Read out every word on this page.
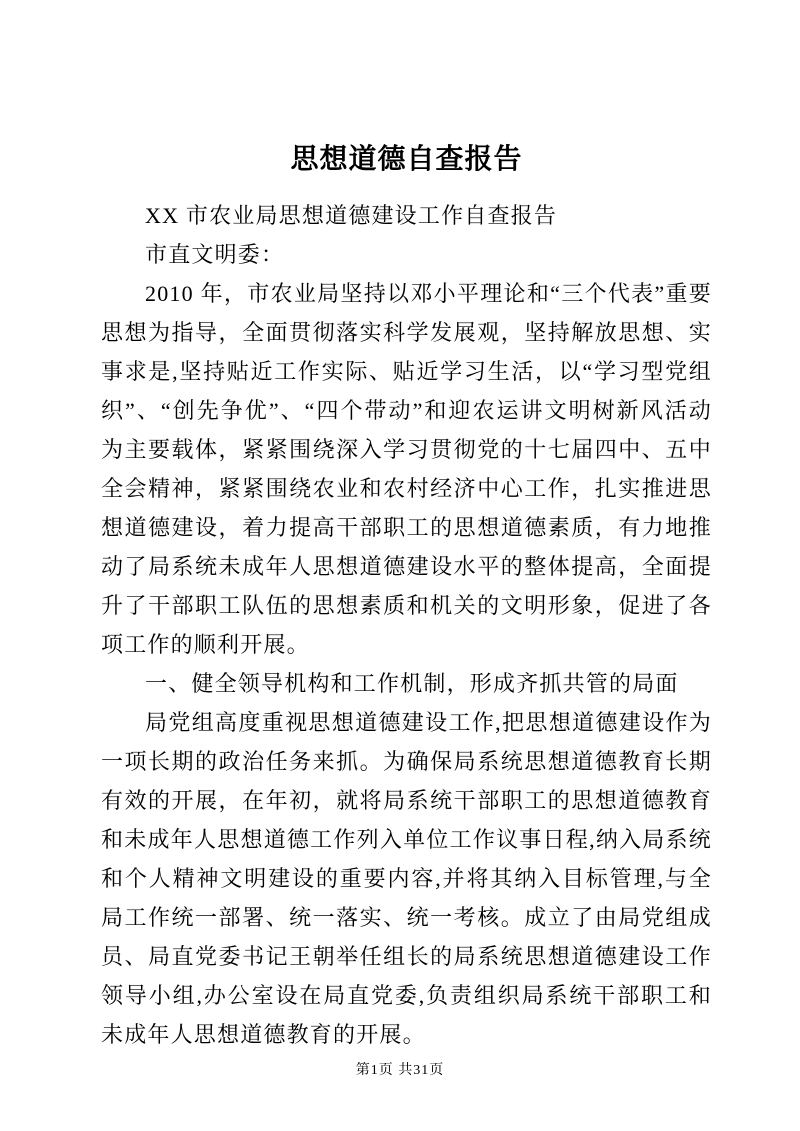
思想道德自查报告

XX 市农业局思想道德建设工作自查报告

市直文明委：

2010 年，市农业局坚持以邓小平理论和“三个代表”重要思想为指导，全面贯彻落实科学发展观，坚持解放思想、实事求是,坚持贴近工作实际、贴近学习生活，以“学习型党组织”、“创先争优”、“四个带动”和迎农运讲文明树新风活动为主要载体，紧紧围绕深入学习贯彻党的十七届四中、五中全会精神，紧紧围绕农业和农村经济中心工作，扎实推进思想道德建设，着力提高干部职工的思想道德素质，有力地推动了局系统未成年人思想道德建设水平的整体提高，全面提升了干部职工队伍的思想素质和机关的文明形象，促进了各项工作的顺利开展。

一、健全领导机构和工作机制，形成齐抓共管的局面

局党组高度重视思想道德建设工作,把思想道德建设作为一项长期的政治任务来抓。为确保局系统思想道德教育长期有效的开展，在年初，就将局系统干部职工的思想道德教育和未成年人思想道德工作列入单位工作议事日程,纳入局系统和个人精神文明建设的重要内容,并将其纳入目标管理,与全局工作统一部署、统一落实、统一考核。成立了由局党组成员、局直党委书记王朝举任组长的局系统思想道德建设工作领导小组,办公室设在局直党委,负责组织局系统干部职工和未成年人思想道德教育的开展。

第1页 共31页
